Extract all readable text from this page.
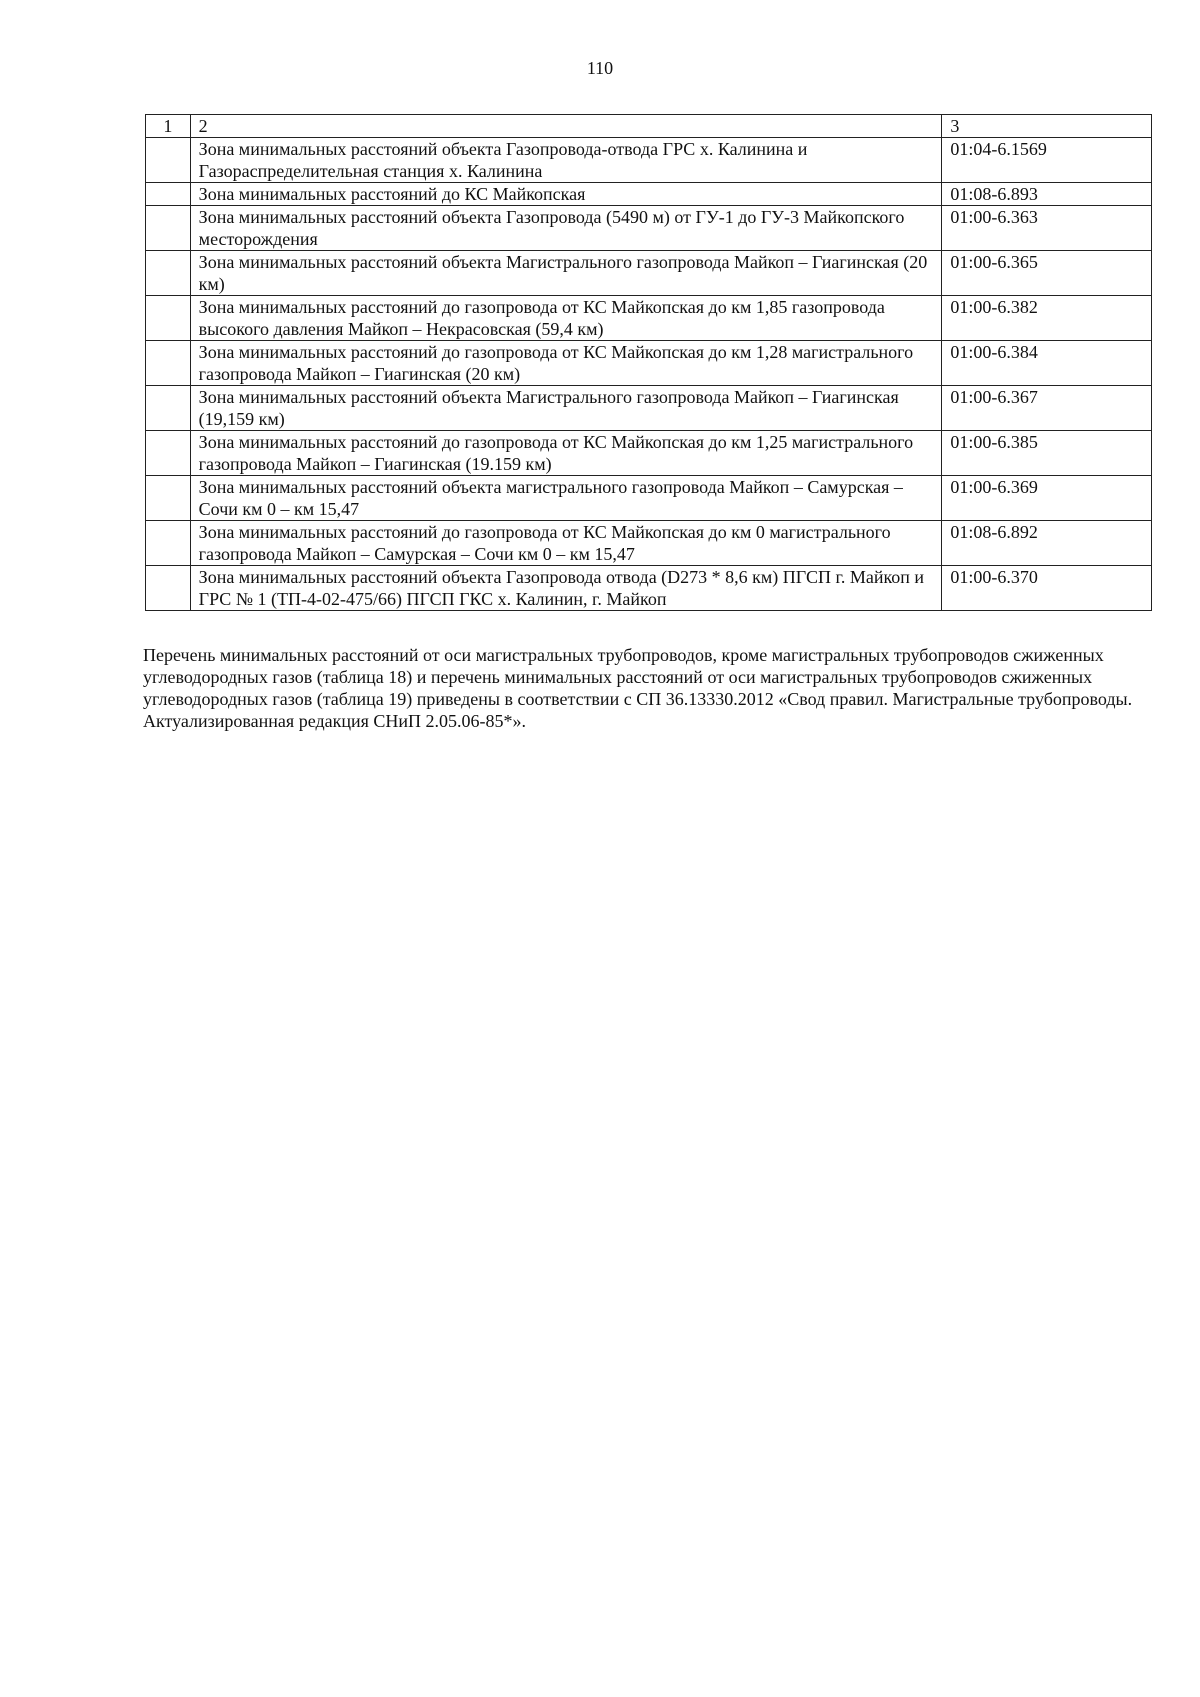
110
1	2	3
	Зона минимальных расстояний объекта Газопровода-отвода ГРС х. Калинина и Газораспределительная станция х. Калинина	01:04-6.1569
	Зона минимальных расстояний до КС Майкопская	01:08-6.893
	Зона минимальных расстояний объекта Газопровода (5490 м) от ГУ-1 до ГУ-3 Майкопского месторождения	01:00-6.363
	Зона минимальных расстояний объекта Магистрального газопровода Майкоп – Гиагинская (20 км)	01:00-6.365
	Зона минимальных расстояний до газопровода от КС Майкопская до км 1,85 газопровода высокого давления Майкоп – Некрасовская (59,4 км)	01:00-6.382
	Зона минимальных расстояний до газопровода от КС Майкопская до км 1,28 магистрального газопровода Майкоп – Гиагинская (20 км)	01:00-6.384
	Зона минимальных расстояний объекта Магистрального газопровода Майкоп – Гиагинская (19,159 км)	01:00-6.367
	Зона минимальных расстояний до газопровода от КС Майкопская до км 1,25 магистрального газопровода Майкоп – Гиагинская (19.159 км)	01:00-6.385
	Зона минимальных расстояний объекта магистрального газопровода Майкоп – Самурская – Сочи км 0 – км 15,47	01:00-6.369
	Зона минимальных расстояний до газопровода от КС Майкопская до км 0 магистрального газопровода Майкоп – Самурская – Сочи км 0 – км 15,47	01:08-6.892
	Зона минимальных расстояний объекта Газопровода отвода (D273 * 8,6 км) ПГСП г. Майкоп и ГРС № 1 (ТП-4-02-475/66) ПГСП ГКС х. Калинин, г. Майкоп	01:00-6.370
Перечень минимальных расстояний от оси магистральных трубопроводов, кроме магистральных трубопроводов сжиженных углеводородных газов (таблица 18) и перечень минимальных расстояний от оси магистральных трубопроводов сжиженных углеводородных газов (таблица 19) приведены в соответствии с СП 36.13330.2012 «Свод правил. Магистральные трубопроводы. Актуализированная редакция СНиП 2.05.06-85*».
